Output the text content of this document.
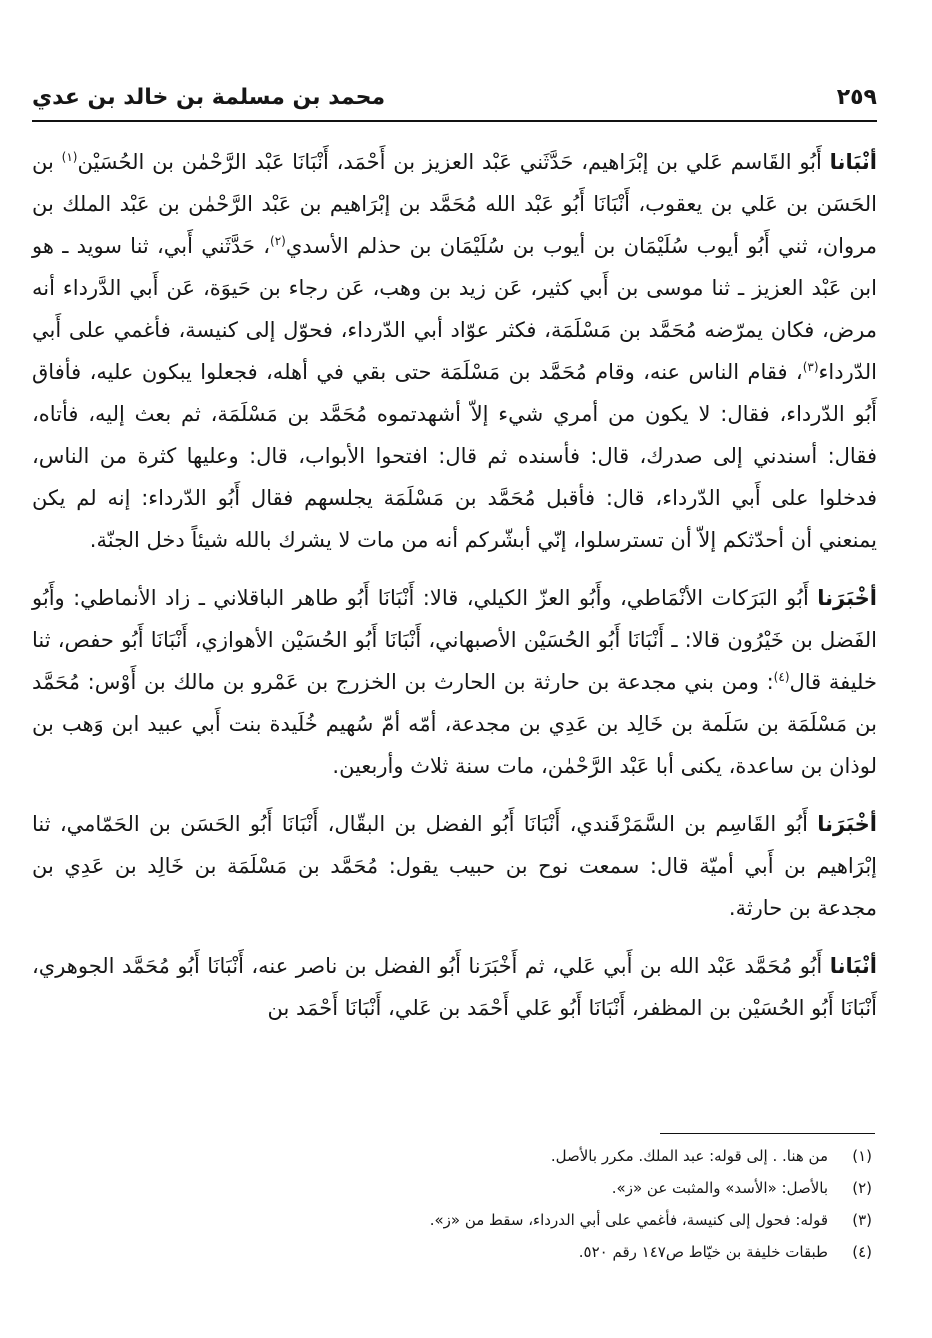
محمد بن مسلمة بن خالد بن عدي	٢٥٩

أنْبَانا أَبُو القَاسم عَلي بن إبْرَاهيم، حَدَّثَني عَبْد العزيز بن أَحْمَد، أَنْبَانَا عَبْد الرَّحْمٰن بن الحُسَيْن$^{(١)}$ بن الحَسَن بن عَلي بن يعقوب، أَنْبَانَا أَبُو عَبْد الله مُحَمَّد بن إبْرَاهيم بن عَبْد الرَّحْمٰن بن عَبْد الملك بن مروان، ثني أَبُو أيوب سُلَيْمَان بن أيوب بن سُلَيْمَان بن حذلم الأسدي$^{(٢)}$، حَدَّثَني أَبي، ثنا سويد ـ هو ابن عَبْد العزيز ـ ثنا موسى بن أَبي كثير، عَن زيد بن وهب، عَن رجاء بن حَيوَة، عَن أَبي الدَّرداء أنه مرض، فكان يمرّضه مُحَمَّد بن مَسْلَمَة، فكثر عوّاد أبي الدّرداء، فحوّل إلى كنيسة، فأغمي على أَبي الدّرداء$^{(٣)}$، فقام الناس عنه، وقام مُحَمَّد بن مَسْلَمَة حتى بقي في أهله، فجعلوا يبكون عليه، فأفاق أَبُو الدّرداء، فقال: لا يكون من أمري شيء إلاّ أشهدتموه مُحَمَّد بن مَسْلَمَة، ثم بعث إليه، فأتاه، فقال: أسندني إلى صدرك، قال: فأسنده ثم قال: افتحوا الأبواب، قال: وعليها كثرة من الناس، فدخلوا على أَبي الدّرداء، قال: فأقبل مُحَمَّد بن مَسْلَمَة يجلسهم فقال أَبُو الدّرداء: إنه لم يكن يمنعني أن أحدّثكم إلاّ أن تسترسلوا، إنّي أبشّركم أنه من مات لا يشرك بالله شيئاً دخل الجنّة.

أخْبَرَنا أَبُو البَرَكات الأنْمَاطي، وأَبُو العزّ الكيلي، قالا: أَنْبَانَا أَبُو طاهر الباقلاني ـ زاد الأنماطي: وأَبُو الفَضل بن خَيْرُون قالا: ـ أَنْبَانَا أَبُو الحُسَيْن الأصبهاني، أَنْبَانَا أَبُو الحُسَيْن الأهوازي، أَنْبَانَا أَبُو حفص، ثنا خليفة قال$^{(٤)}$: ومن بني مجدعة بن حارثة بن الحارث بن الخزرج بن عَمْرو بن مالك بن أَوْس: مُحَمَّد بن مَسْلَمَة بن سَلَمة بن خَالِد بن عَدِي بن مجدعة، أمّه أمّ سُهيم خُلَيدة بنت أَبي عبيد ابن وَهب بن لوذان بن ساعدة، يكنى أبا عَبْد الرَّحْمٰن، مات سنة ثلاث وأربعين.

أخْبَرَنا أَبُو القَاسِم بن السَّمَرْقَندي، أَنْبَانَا أَبُو الفضل بن البقّال، أَنْبَانَا أَبُو الحَسَن بن الحَمّامي، ثنا إبْرَاهيم بن أَبي أميّة قال: سمعت نوح بن حبيب يقول: مُحَمَّد بن مَسْلَمَة بن خَالِد بن عَدِي بن مجدعة بن حارثة.

أنْبَانا أَبُو مُحَمَّد عَبْد الله بن أَبي عَلي، ثم أَخْبَرَنا أَبُو الفضل بن ناصر عنه، أَنْبَانَا أَبُو مُحَمَّد الجوهري، أَنْبَانَا أَبُو الحُسَيْن بن المظفر، أَنْبَانَا أَبُو عَلي أَحْمَد بن عَلي، أَنْبَانَا أَحْمَد بن

(١)
من هنا. . إلى قوله: عبد الملك. مكرر بالأصل.
(٢)
بالأصل: «الأسد» والمثبت عن «ز».
(٣)
قوله: فحول إلى كنيسة، فأغمي على أبي الدرداء، سقط من «ز».
(٤)
طبقات خليفة بن خيّاط ص١٤٧ رقم ٥٢٠.
